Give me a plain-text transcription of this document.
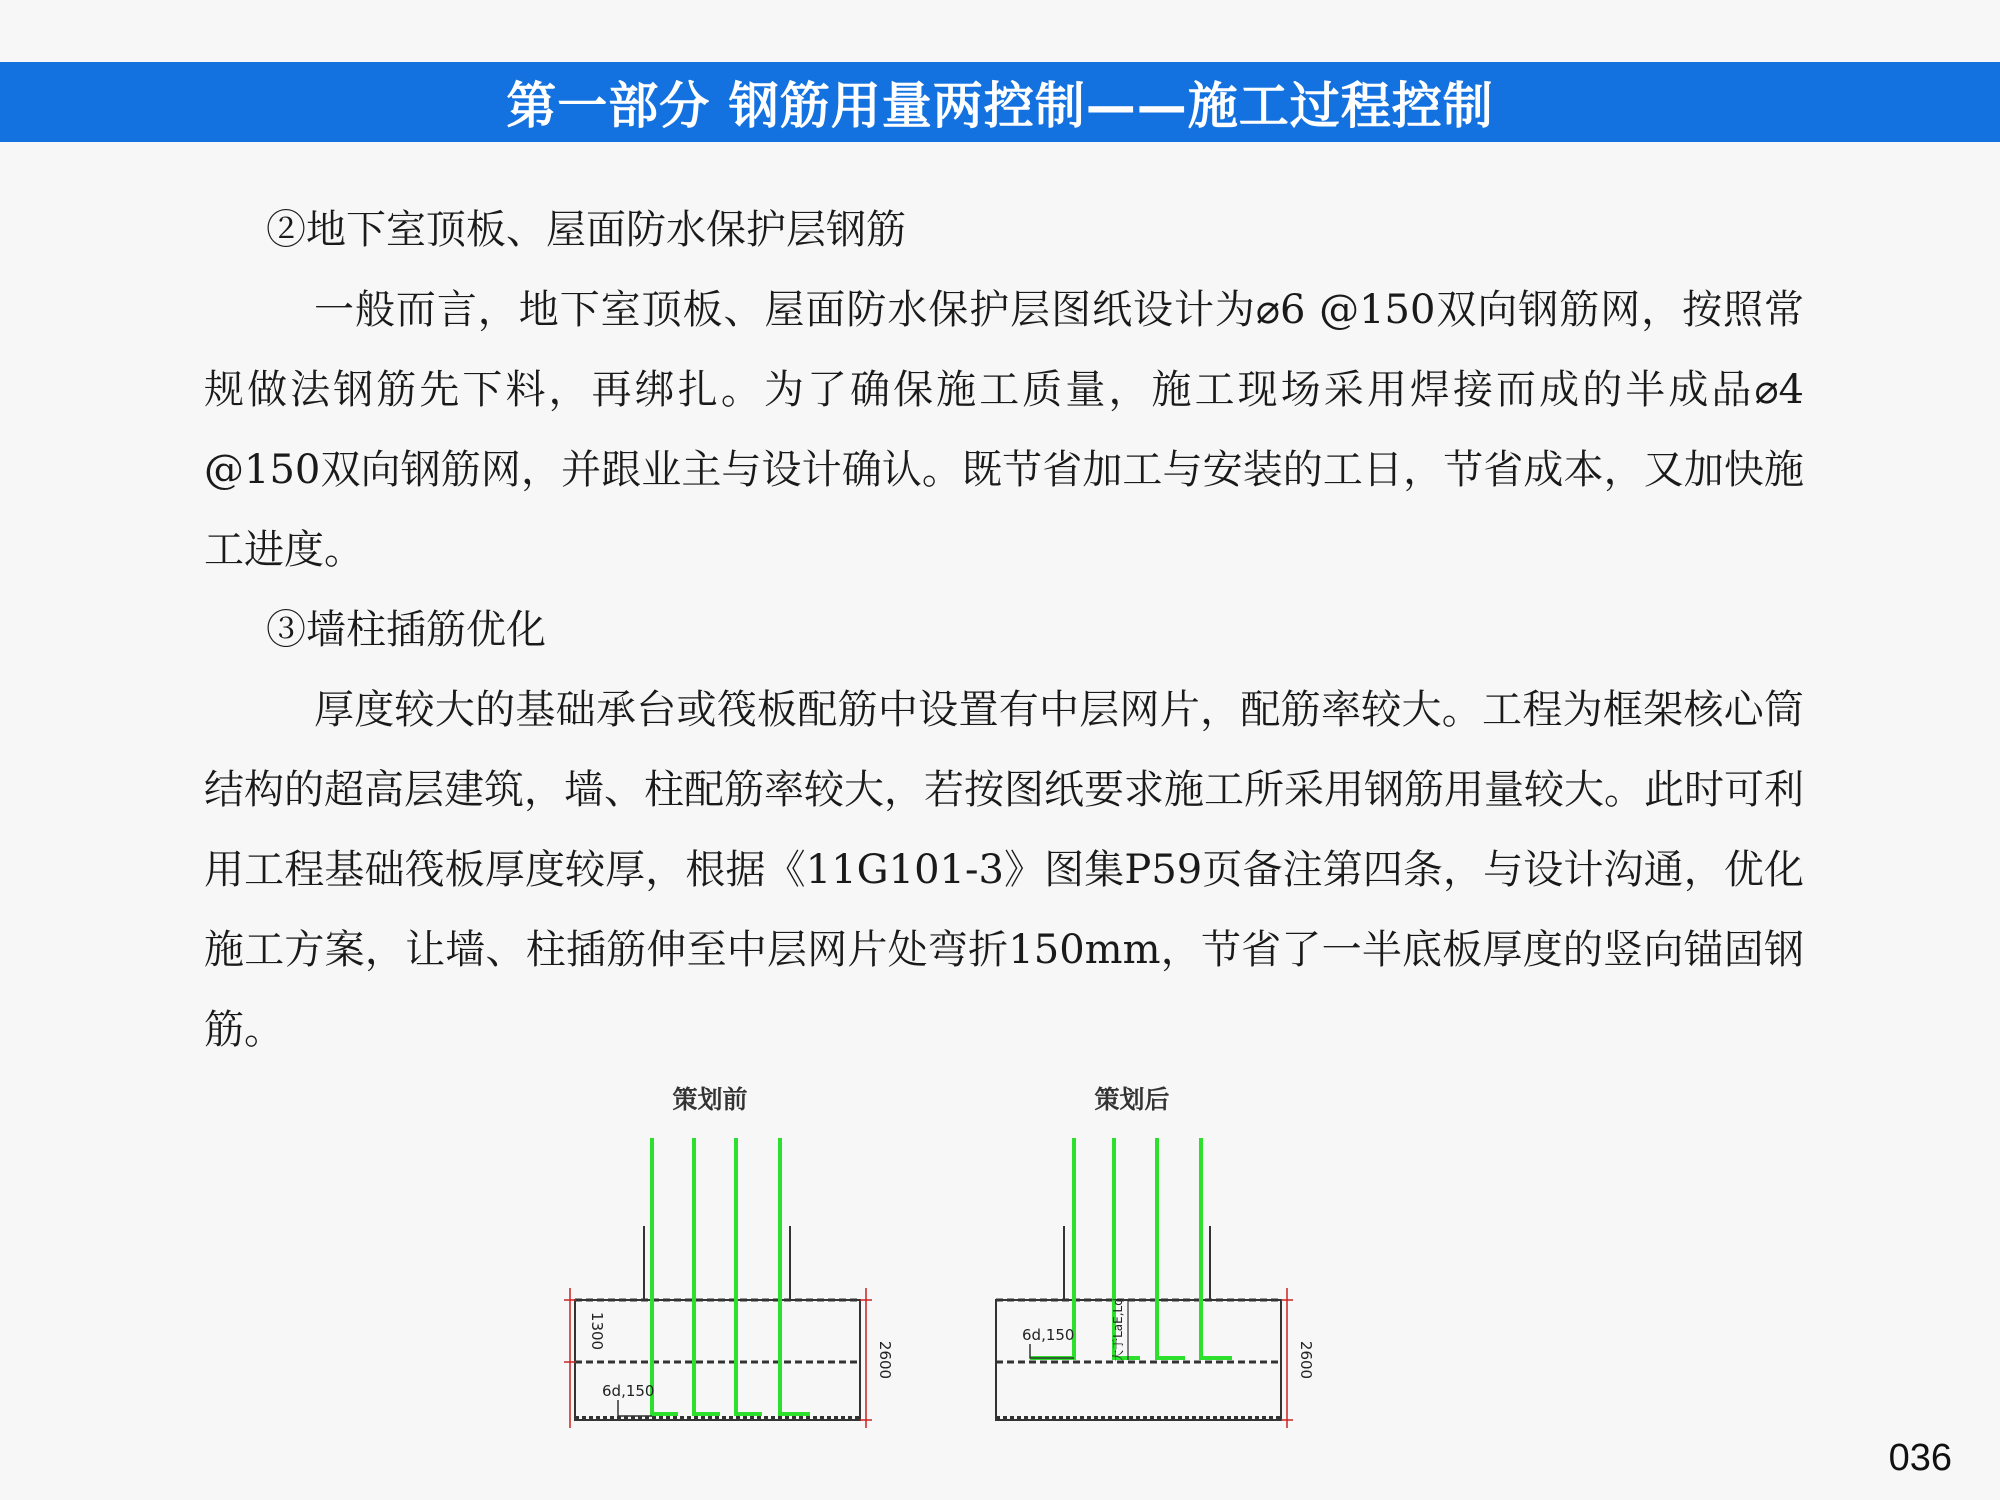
第一部分 钢筋用量两控制——施工过程控制
②地下室顶板、屋面防水保护层钢筋

一般而言，地下室顶板、屋面防水保护层图纸设计为⌀6 @150双向钢筋网，按照常规做法钢筋先下料，再绑扎。为了确保施工质量，施工现场采用焊接而成的半成品⌀4 @150双向钢筋网，并跟业主与设计确认。既节省加工与安装的工日，节省成本，又加快施工进度。

③墙柱插筋优化

厚度较大的基础承台或筏板配筋中设置有中层网片，配筋率较大。工程为框架核心筒结构的超高层建筑，墙、柱配筋率较大，若按图纸要求施工所采用钢筋用量较大。此时可利用工程基础筏板厚度较厚，根据《11G101-3》图集P59页备注第四条，与设计沟通，优化施工方案，让墙、柱插筋伸至中层网片处弯折150mm，节省了一半底板厚度的竖向锚固钢筋。

策划前
6d,150
1300
2600
策划后
6d,150	大于LaE,Ld	2600
036
